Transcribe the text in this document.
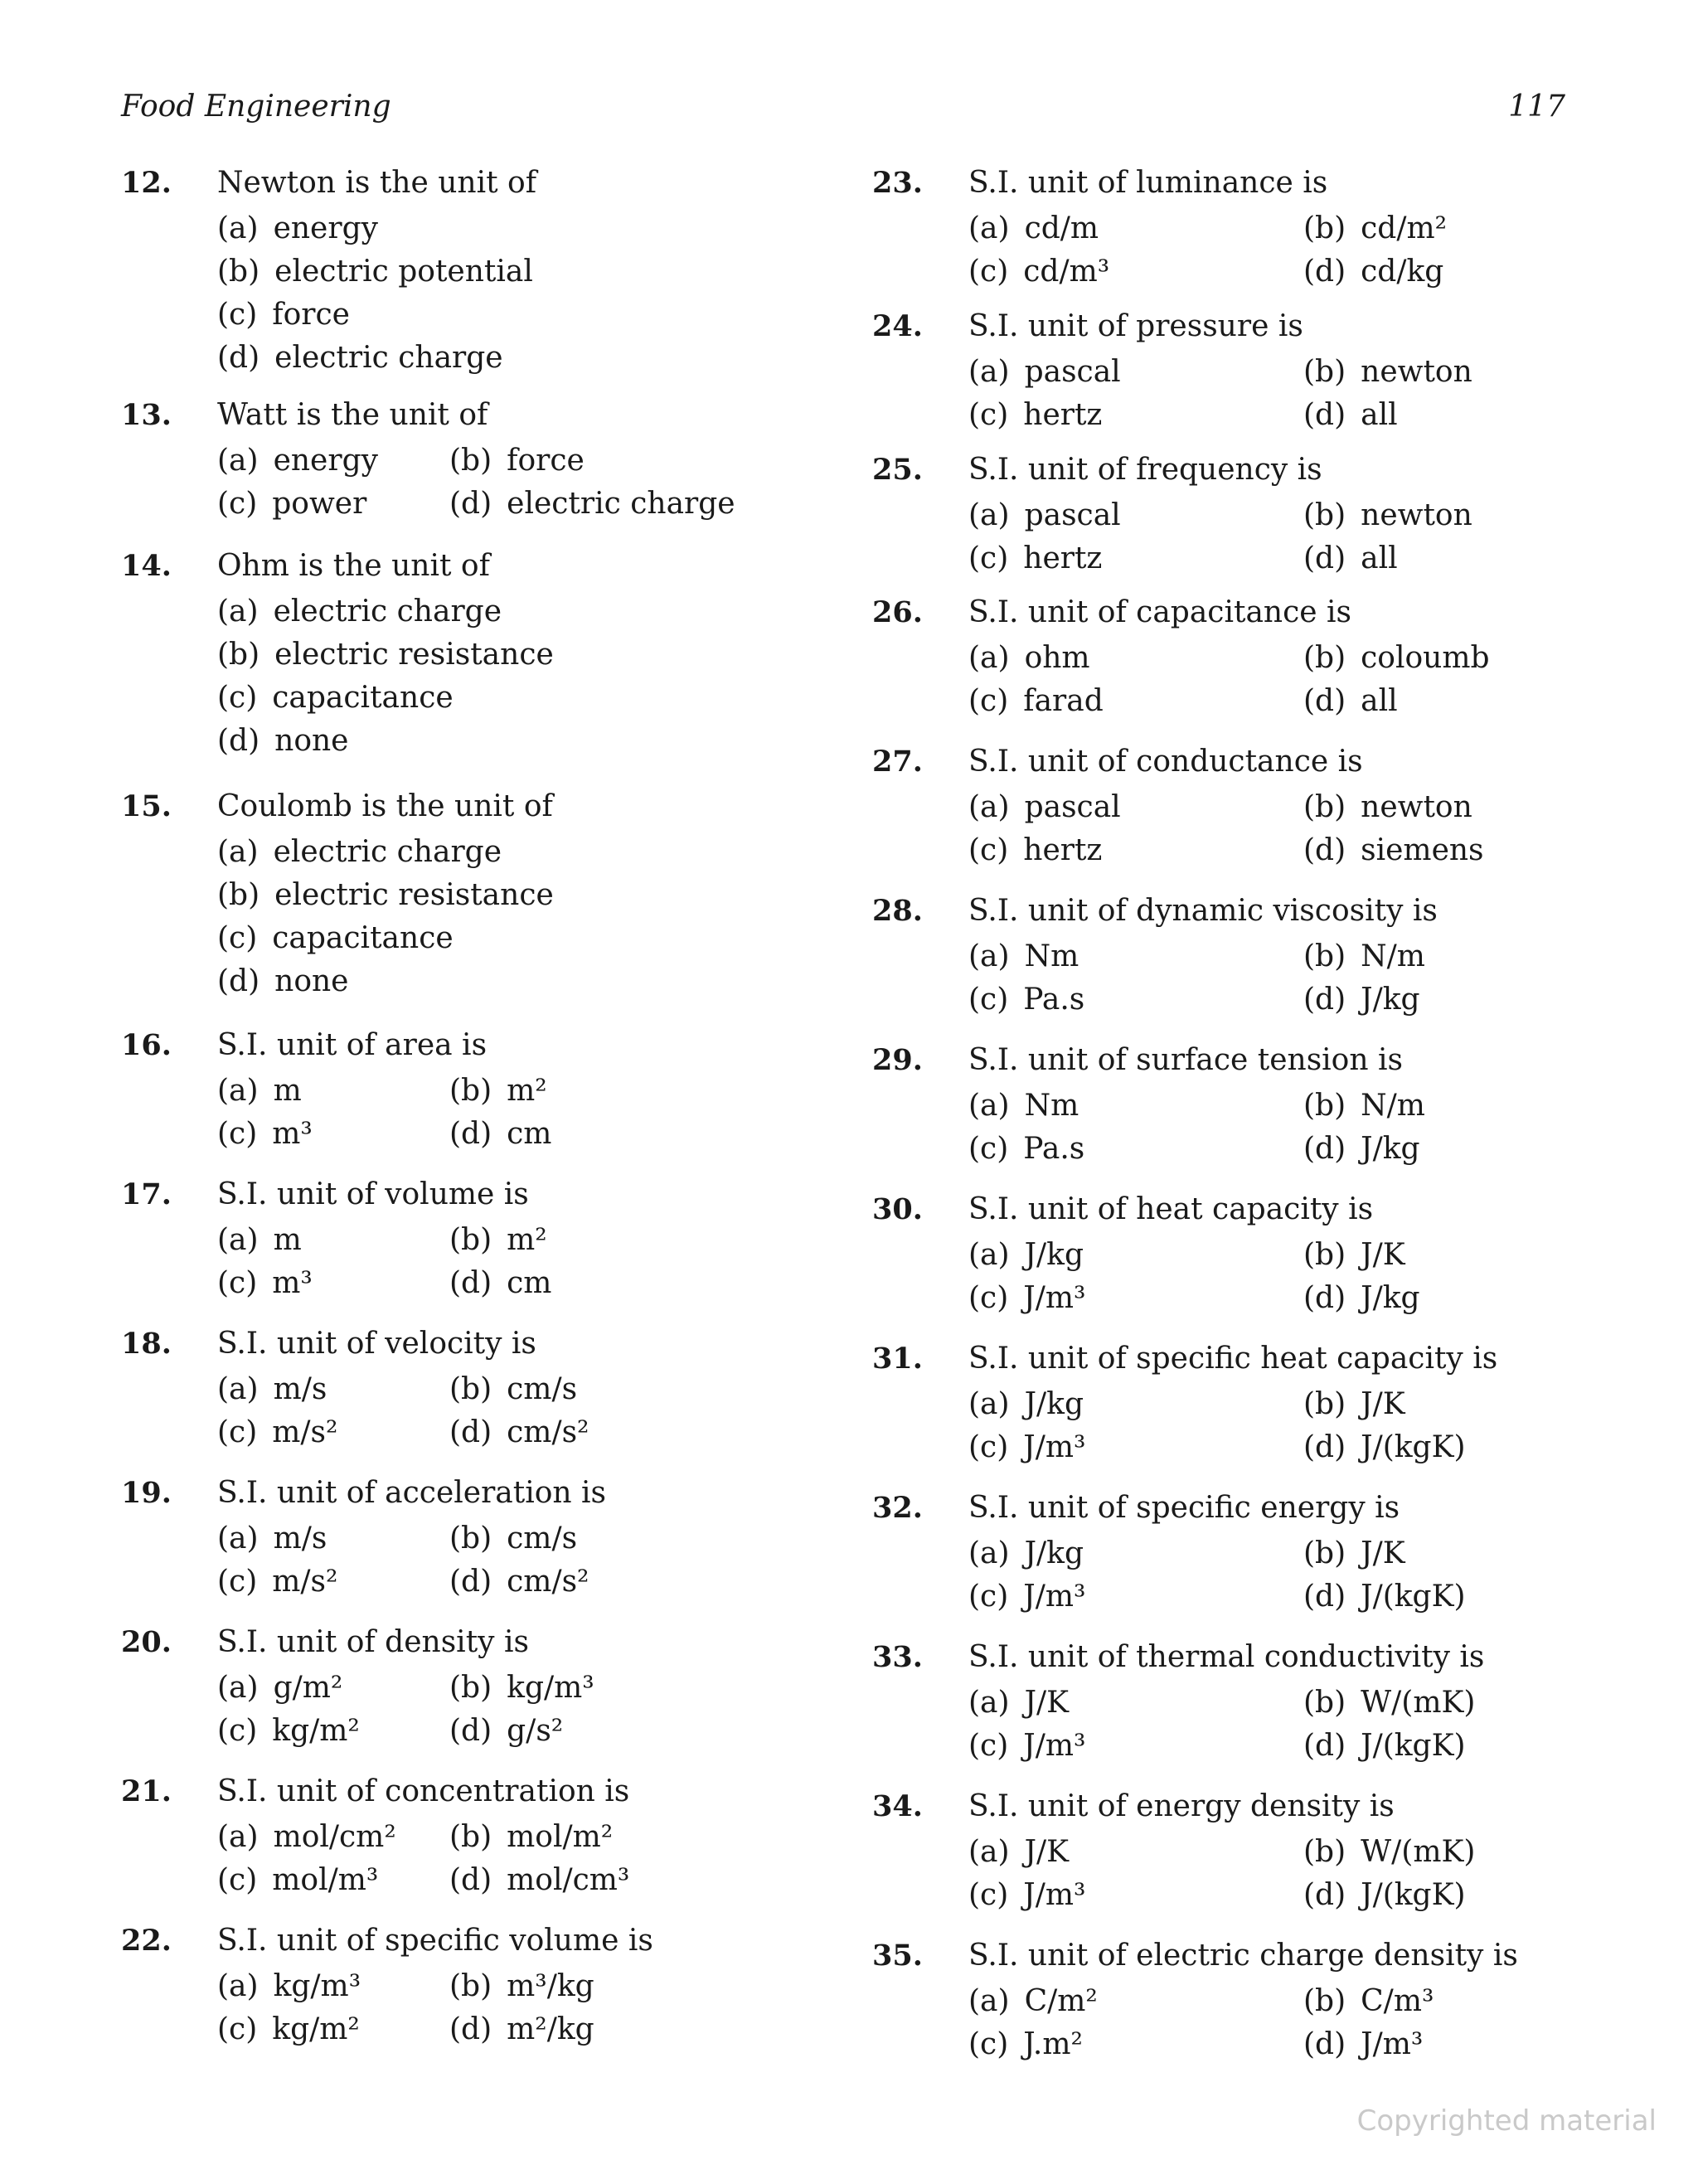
Food Engineering	117
12. Newton is the unit of
(a)  energy
(b)  electric potential
(c)  force
(d)  electric charge
13. Watt is the unit of
(a)  energy (b)  force
(c)  power	(d)  electric charge
14. Ohm is the unit of
(a)  electric charge
(b)  electric resistance
(c)  capacitance
(d)  none
15. Coulomb is the unit of
(a)  electric charge
(b)  electric resistance
(c)  capacitance
(d)  none
16. S.I. unit of area is
(a)  m	(b)  m²
(c)  m³	(d)  cm
17. S.I. unit of volume is
(a)  m	(b)  m²
(c)  m³	(d)  cm
18. S.I. unit of velocity is
(a)  m/s	(b)  cm/s
(c)  m/s²	(d)  cm/s²
19. S.I. unit of acceleration is
(a)  m/s	(b)  cm/s
(c)  m/s²	(d)  cm/s²
20. S.I. unit of density is
(a)  g/m²	(b)  kg/m³
(c)  kg/m²	(d)  g/s²
21. S.I. unit of concentration is
(a)  mol/cm² (b)  mol/m²
(c)  mol/m³ (d)  mol/cm³
22. S.I. unit of specific volume is
(a)  kg/m³	(b)  m³/kg
(c)  kg/m²	(d)  m²/kg
23. S.I. unit of luminance is
(a)  cd/m	(b)  cd/m²
(c)  cd/m³	(d)  cd/kg
24. S.I. unit of pressure is
(a)  pascal	(b)  newton
(c)  hertz	(d)  all
25. S.I. unit of frequency is
(a)  pascal	(b)  newton
(c)  hertz	(d)  all
26. S.I. unit of capacitance is
(a)  ohm	(b)  coloumb
(c)  farad	(d)  all
27. S.I. unit of conductance is
(a)  pascal	(b)  newton
(c)  hertz	(d)  siemens
28. S.I. unit of dynamic viscosity is
(a)  Nm	(b)  N/m
(c)  Pa.s	(d)  J/kg
29. S.I. unit of surface tension is
(a)  Nm	(b)  N/m
(c)  Pa.s	(d)  J/kg
30. S.I. unit of heat capacity is
(a)  J/kg	(b)  J/K
(c)  J/m³	(d)  J/kg
31. S.I. unit of specific heat capacity is
(a)  J/kg	(b)  J/K
(c)  J/m³	(d)  J/(kgK)
32. S.I. unit of specific energy is
(a)  J/kg	(b)  J/K
(c)  J/m³	(d)  J/(kgK)
33. S.I. unit of thermal conductivity is
(a)  J/K	(b)  W/(mK)
(c)  J/m³	(d)  J/(kgK)
34. S.I. unit of energy density is
(a)  J/K	(b)  W/(mK)
(c)  J/m³	(d)  J/(kgK)
35. S.I. unit of electric charge density is
(a)  C/m²	(b)  C/m³
(c)  J.m²	(d)  J/m³
Copyrighted material
